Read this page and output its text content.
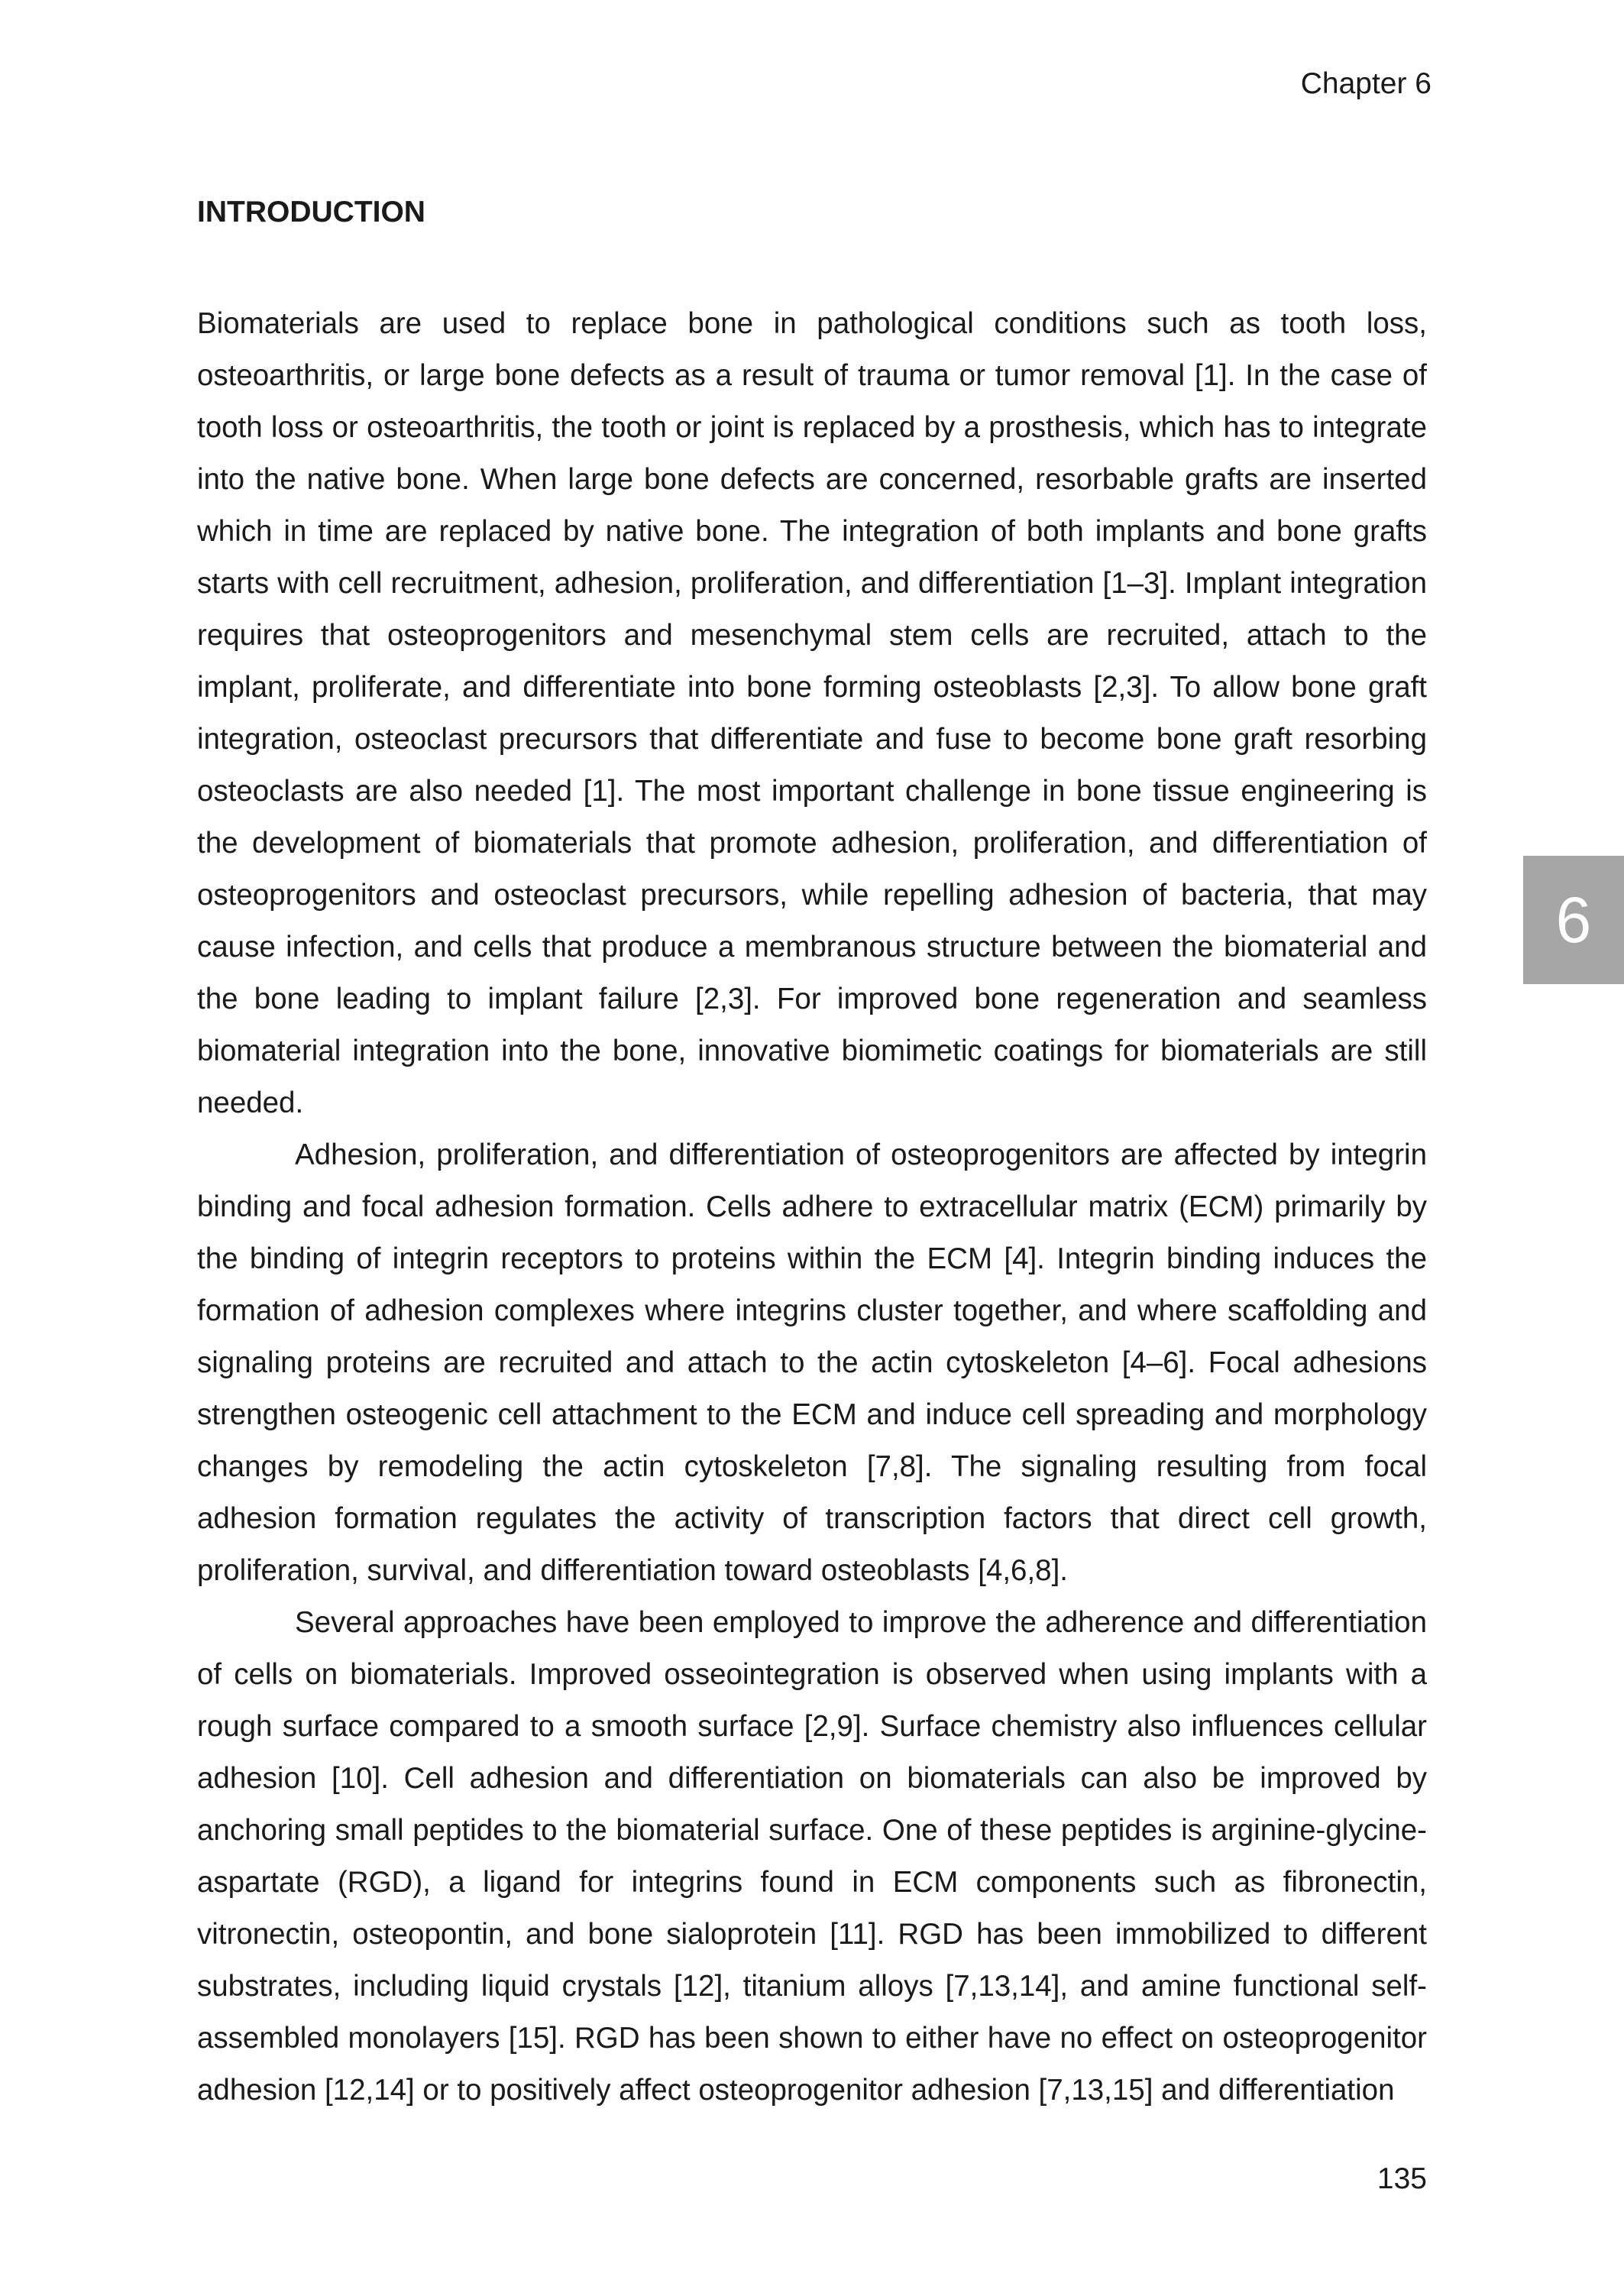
Chapter 6
INTRODUCTION

Biomaterials are used to replace bone in pathological conditions such as tooth loss, osteoarthritis, or large bone defects as a result of trauma or tumor removal [1]. In the case of tooth loss or osteoarthritis, the tooth or joint is replaced by a prosthesis, which has to integrate into the native bone. When large bone defects are concerned, resorbable grafts are inserted which in time are replaced by native bone. The integration of both implants and bone grafts starts with cell recruitment, adhesion, proliferation, and differentiation [1–3]. Implant integration requires that osteoprogenitors and mesenchymal stem cells are recruited, attach to the implant, proliferate, and differentiate into bone forming osteoblasts [2,3]. To allow bone graft integration, osteoclast precursors that differentiate and fuse to become bone graft resorbing osteoclasts are also needed [1]. The most important challenge in bone tissue engineering is the development of biomaterials that promote adhesion, proliferation, and differentiation of osteoprogenitors and osteoclast precursors, while repelling adhesion of bacteria, that may cause infection, and cells that produce a membranous structure between the biomaterial and the bone leading to implant failure [2,3]. For improved bone regeneration and seamless biomaterial integration into the bone, innovative biomimetic coatings for biomaterials are still needed.

Adhesion, proliferation, and differentiation of osteoprogenitors are affected by integrin binding and focal adhesion formation. Cells adhere to extracellular matrix (ECM) primarily by the binding of integrin receptors to proteins within the ECM [4]. Integrin binding induces the formation of adhesion complexes where integrins cluster together, and where scaffolding and signaling proteins are recruited and attach to the actin cytoskeleton [4–6]. Focal adhesions strengthen osteogenic cell attachment to the ECM and induce cell spreading and morphology changes by remodeling the actin cytoskeleton [7,8]. The signaling resulting from focal adhesion formation regulates the activity of transcription factors that direct cell growth, proliferation, survival, and differentiation toward osteoblasts [4,6,8].

Several approaches have been employed to improve the adherence and differentiation of cells on biomaterials. Improved osseointegration is observed when using implants with a rough surface compared to a smooth surface [2,9]. Surface chemistry also influences cellular adhesion [10]. Cell adhesion and differentiation on biomaterials can also be improved by anchoring small peptides to the biomaterial surface. One of these peptides is arginine-glycine-aspartate (RGD), a ligand for integrins found in ECM components such as fibronectin, vitronectin, osteopontin, and bone sialoprotein [11]. RGD has been immobilized to different substrates, including liquid crystals [12], titanium alloys [7,13,14], and amine functional self-assembled monolayers [15]. RGD has been shown to either have no effect on osteoprogenitor adhesion [12,14] or to positively affect osteoprogenitor adhesion [7,13,15] and differentiation

6
135
